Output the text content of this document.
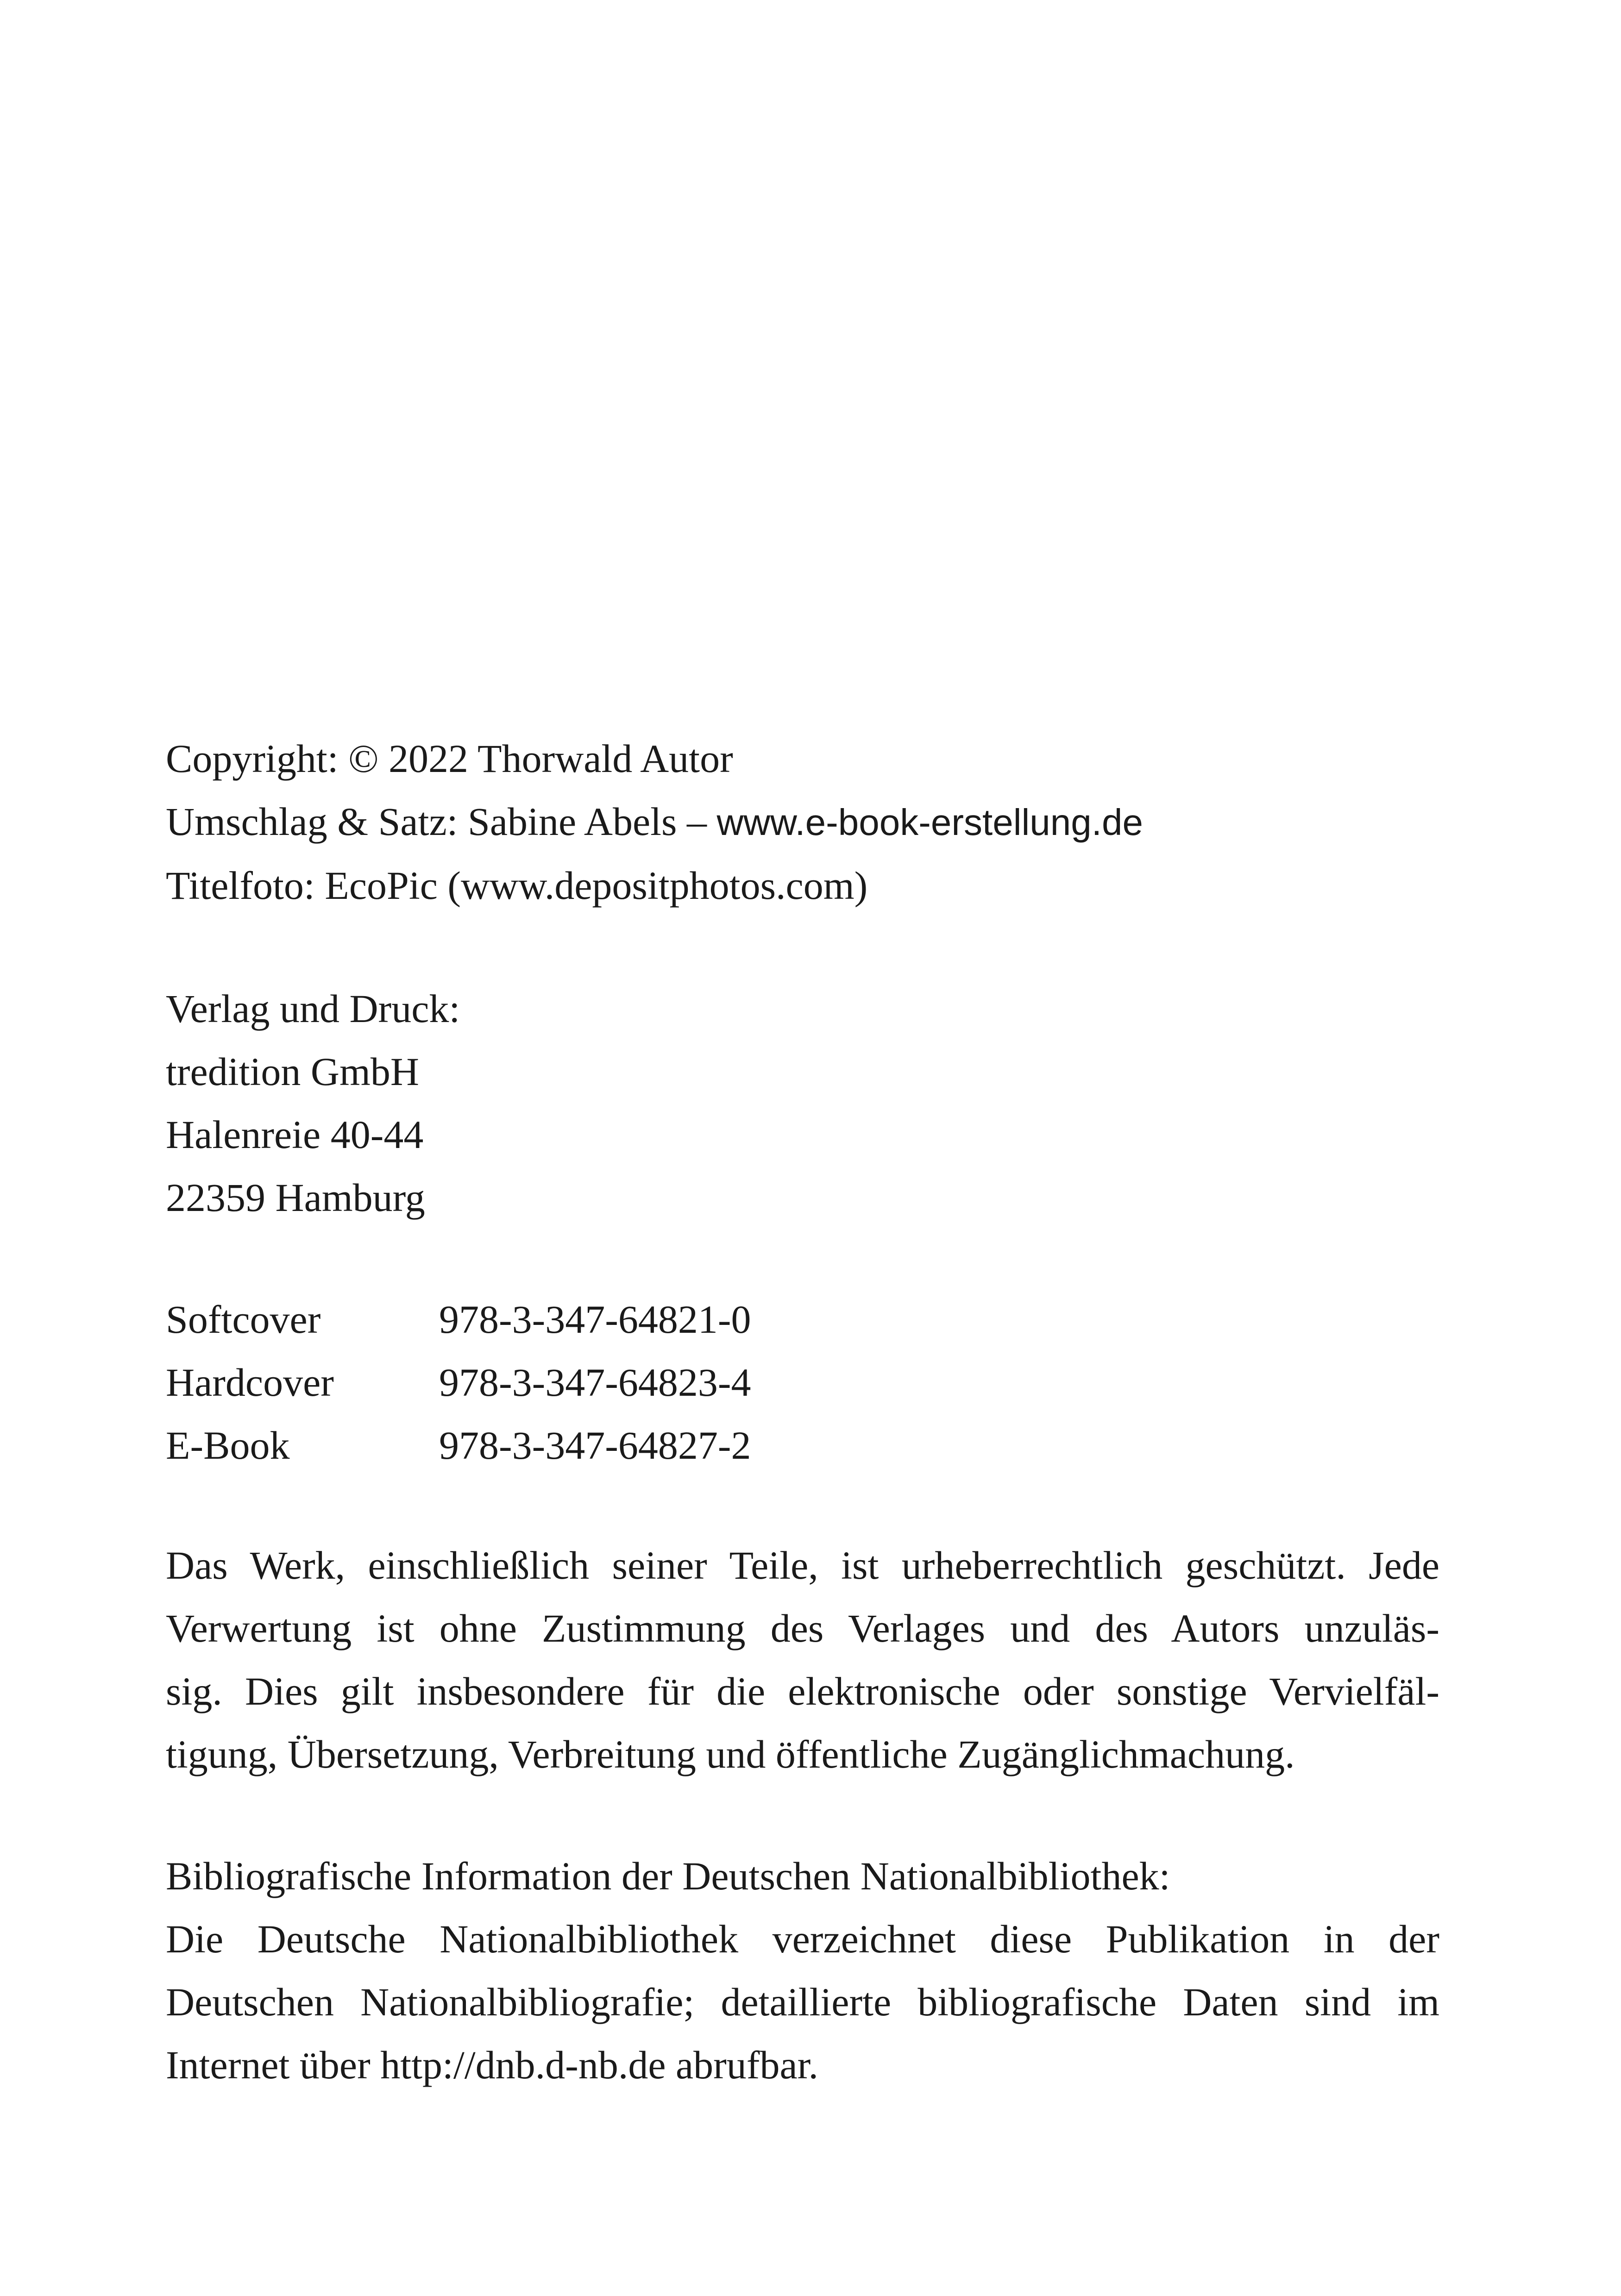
Copyright: © 2022 Thorwald Autor
Umschlag & Satz: Sabine Abels – www.e-book-erstellung.de
Titelfoto: EcoPic (www.depositphotos.com)
Verlag und Druck:
tredition GmbH
Halenreie 40-44
22359 Hamburg
Softcover	978-3-347-64821-0
Hardcover	978-3-347-64823-4
E-Book	978-3-347-64827-2
Das Werk, einschließlich seiner Teile, ist urheberrechtlich geschützt. Jede
Verwertung ist ohne Zustimmung des Verlages und des Autors unzuläs-
sig. Dies gilt insbesondere für die elektronische oder sonstige Vervielfäl-
tigung, Übersetzung, Verbreitung und öffentliche Zugänglichmachung.
Bibliografische Information der Deutschen Nationalbibliothek:
Die Deutsche Nationalbibliothek verzeichnet diese Publikation in der
Deutschen Nationalbibliografie; detaillierte bibliografische Daten sind im
Internet über http://dnb.d-nb.de abrufbar.
